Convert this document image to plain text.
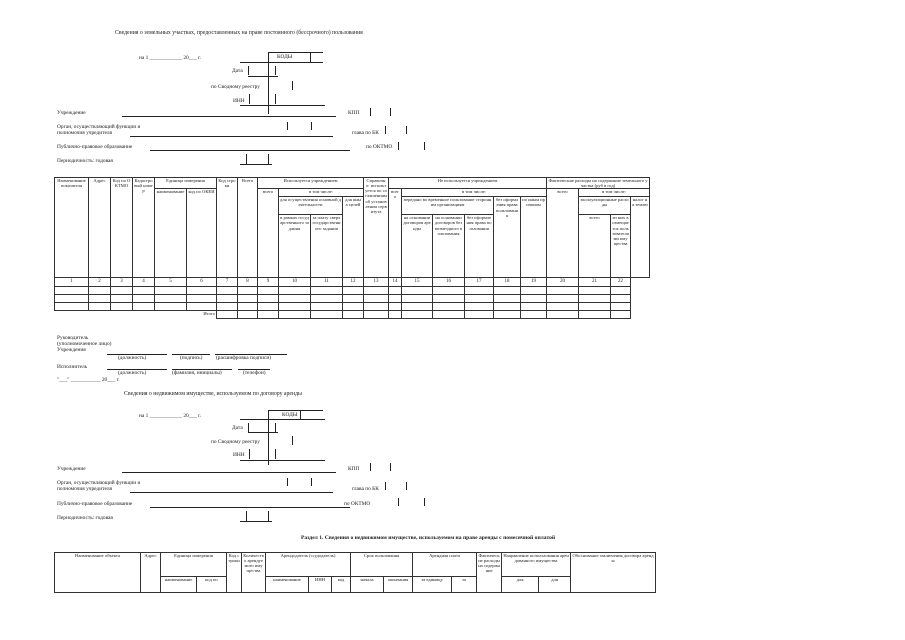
Сведения о земельных участках, предоставленных на праве постоянного (бессрочного) пользования
на 1 ____________ 20___ г.	КОДЫ
Дата
по Сводному реестру
ИНН
Учреждение	КПП
Орган, осуществляющий функции и
полномочия учредителя	глава по БК
Публично-правовое образование	по ОКТМО
Периодичность: годовая
Наименование показателя	Адрес	Код по ОКТМО	Кадастровый номер	Единица измерения		Код строки	Всего	Используется учреждением				Справочно: используется по соглашениям об установлении сервитута	Не используется учреждением						Фактические расходы на содержание земельного участка (руб в год)			
				наименование	код по ОКЕИ			всего	в том числе:				всего	в том числе:					всего	в том числе:		
									для осуществления основной деятельности		для иных целей			передано во временное пользование сторонним организациям			без оформления права пользования	по иным причинам		эксплуатационные расходы		налог на землю
									в рамках государственного задания	за плату сверх государственного задания				на основании договоров аренды	на основании договоров безвозмездного пользования	без оформления права пользования				всего	из них возмещается пользователями имущества	
1	2	3	4	5	6	7	8	9	10	11	12	13	14	15	16	17	18	19	20	21	22	

Итого																						
Руководитель
(уполномоченное лицо)
Учреждения
(должность)	(подпись)	(расшифровка подписи)
Исполнитель
(должность)	(фамилия, инициалы)	(телефон)
"___" ___________ 20___ г.
Сведения о недвижимом имуществе, используемом по договору аренды
на 1 ____________ 20___ г.	КОДЫ
Дата
по Сводному реестру
ИНН
Учреждение	КПП
Орган, осуществляющий функции и
полномочия учредителя	глава по БК
Публично-правовое образование	по ОКТМО
Периодичность: годовая
Раздел 1. Сведения о недвижимом имуществе, используемом на праве аренды с помесячной оплатой
Наименование объекта	Адрес	Единица измерения		Код строки	Количество арендуемого имущества	Арендодатель (ссудодатель)			Срок пользования		Арендная плата		Фактические расходы на содержание	Направление использования арендованного имущества		Обоснование заключения договора аренды
		наименование	код по			наименование	ИНН	код	начала	окончания	за единицу	за		для	для	
